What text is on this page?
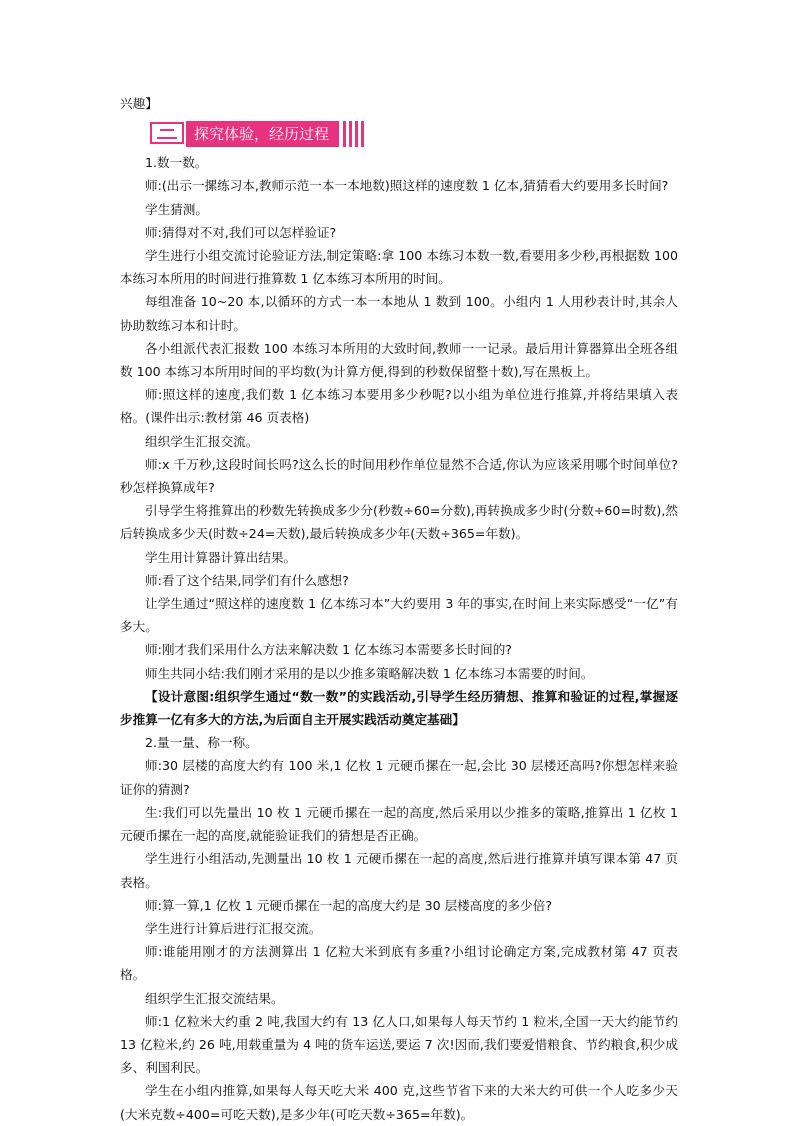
兴趣】

探究体验，经历过程

1.数一数。

师:(出示一摞练习本,教师示范一本一本地数)照这样的速度数 1 亿本,猜猜看大约要用多长时间?

学生猜测。

师:猜得对不对,我们可以怎样验证?

学生进行小组交流讨论验证方法,制定策略:拿 100 本练习本数一数,看要用多少秒,再根据数 100 本练习本所用的时间进行推算数 1 亿本练习本所用的时间。

每组准备 10~20 本,以循环的方式一本一本地从 1 数到 100。小组内 1 人用秒表计时,其余人协助数练习本和计时。

各小组派代表汇报数 100 本练习本所用的大致时间,教师一一记录。最后用计算器算出全班各组数 100 本练习本所用时间的平均数(为计算方便,得到的秒数保留整十数),写在黑板上。

师:照这样的速度,我们数 1 亿本练习本要用多少秒呢?以小组为单位进行推算,并将结果填入表格。(课件出示:教材第 46 页表格)

组织学生汇报交流。

师:x 千万秒,这段时间长吗?这么长的时间用秒作单位显然不合适,你认为应该采用哪个时间单位?秒怎样换算成年?

引导学生将推算出的秒数先转换成多少分(秒数÷60=分数),再转换成多少时(分数÷60=时数),然后转换成多少天(时数÷24=天数),最后转换成多少年(天数÷365=年数)。

学生用计算器计算出结果。

师:看了这个结果,同学们有什么感想?

让学生通过“照这样的速度数 1 亿本练习本”大约要用 3 年的事实,在时间上来实际感受“一亿”有多大。

师:刚才我们采用什么方法来解决数 1 亿本练习本需要多长时间的?

师生共同小结:我们刚才采用的是以少推多策略解决数 1 亿本练习本需要的时间。

【设计意图:组织学生通过“数一数”的实践活动,引导学生经历猜想、推算和验证的过程,掌握逐步推算一亿有多大的方法,为后面自主开展实践活动奠定基础】

2.量一量、称一称。

师:30 层楼的高度大约有 100 米,1 亿枚 1 元硬币摞在一起,会比 30 层楼还高吗?你想怎样来验证你的猜测?

生:我们可以先量出 10 枚 1 元硬币摞在一起的高度,然后采用以少推多的策略,推算出 1 亿枚 1 元硬币摞在一起的高度,就能验证我们的猜想是否正确。

学生进行小组活动,先测量出 10 枚 1 元硬币摞在一起的高度,然后进行推算并填写课本第 47 页表格。

师:算一算,1 亿枚 1 元硬币摞在一起的高度大约是 30 层楼高度的多少倍?

学生进行计算后进行汇报交流。

师:谁能用刚才的方法测算出 1 亿粒大米到底有多重?小组讨论确定方案,完成教材第 47 页表格。

组织学生汇报交流结果。

师:1 亿粒米大约重 2 吨,我国大约有 13 亿人口,如果每人每天节约 1 粒米,全国一天大约能节约 13 亿粒米,约 26 吨,用载重量为 4 吨的货车运送,要运 7 次!因而,我们要爱惜粮食、节约粮食,积少成多、利国利民。

学生在小组内推算,如果每人每天吃大米 400 克,这些节省下来的大米大约可供一个人吃多少天(大米克数÷400=可吃天数),是多少年(可吃天数÷365=年数)。
